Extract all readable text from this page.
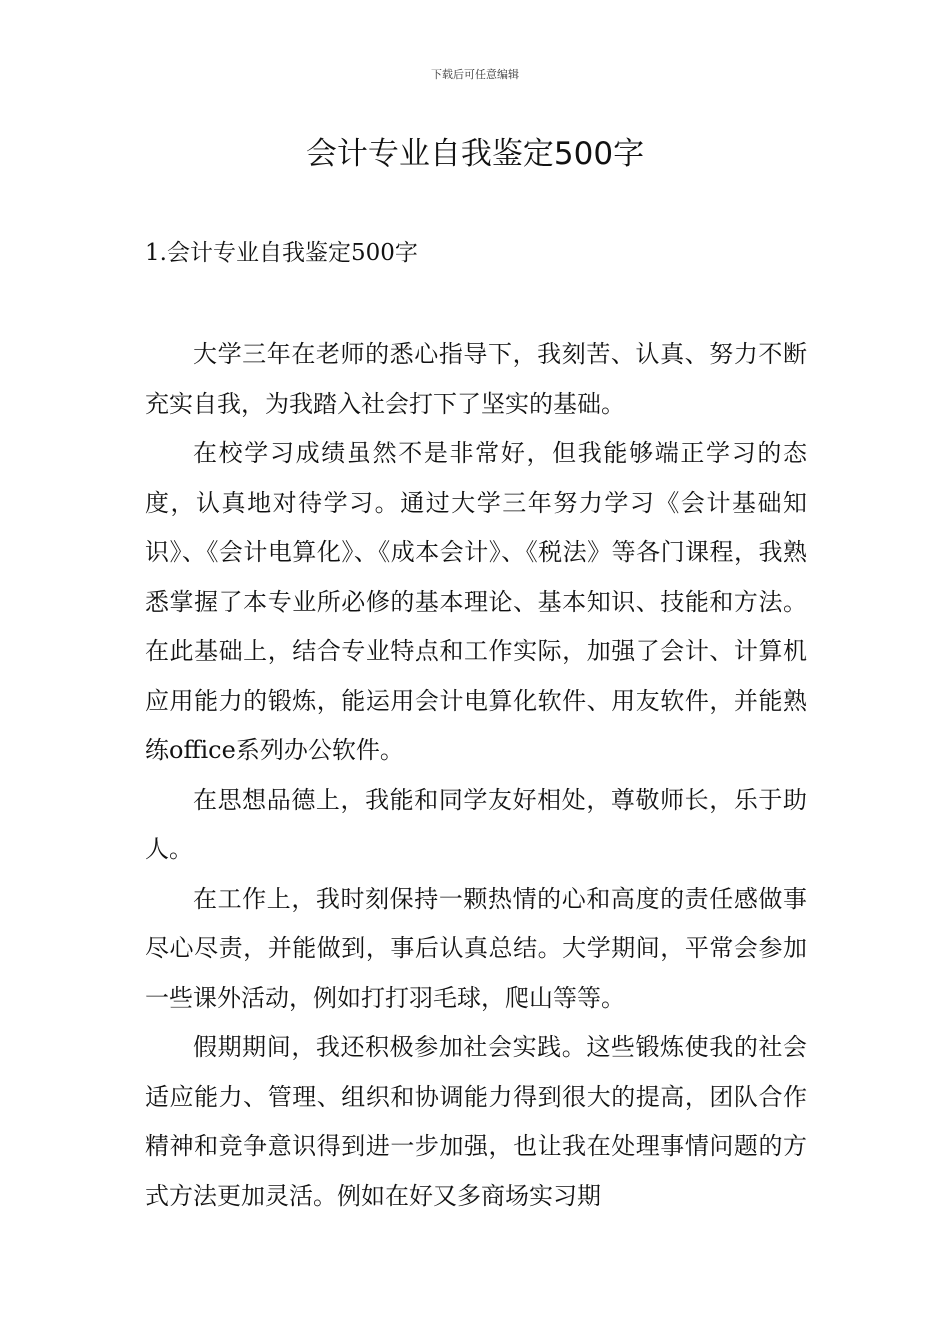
下载后可任意编辑
会计专业自我鉴定500字
1.会计专业自我鉴定500字

大学三年在老师的悉心指导下，我刻苦、认真、努力不断充实自我，为我踏入社会打下了坚实的基础。

在校学习成绩虽然不是非常好，但我能够端正学习的态度，认真地对待学习。通过大学三年努力学习《会计基础知识》、《会计电算化》、《成本会计》、《税法》等各门课程，我熟悉掌握了本专业所必修的基本理论、基本知识、技能和方法。在此基础上，结合专业特点和工作实际，加强了会计、计算机应用能力的锻炼，能运用会计电算化软件、用友软件，并能熟练office系列办公软件。

在思想品德上，我能和同学友好相处，尊敬师长，乐于助人。

在工作上，我时刻保持一颗热情的心和高度的责任感做事尽心尽责，并能做到，事后认真总结。大学期间，平常会参加一些课外活动，例如打打羽毛球，爬山等等。

假期期间，我还积极参加社会实践。这些锻炼使我的社会适应能力、管理、组织和协调能力得到很大的提高，团队合作精神和竞争意识得到进一步加强，也让我在处理事情问题的方式方法更加灵活。例如在好又多商场实习期
